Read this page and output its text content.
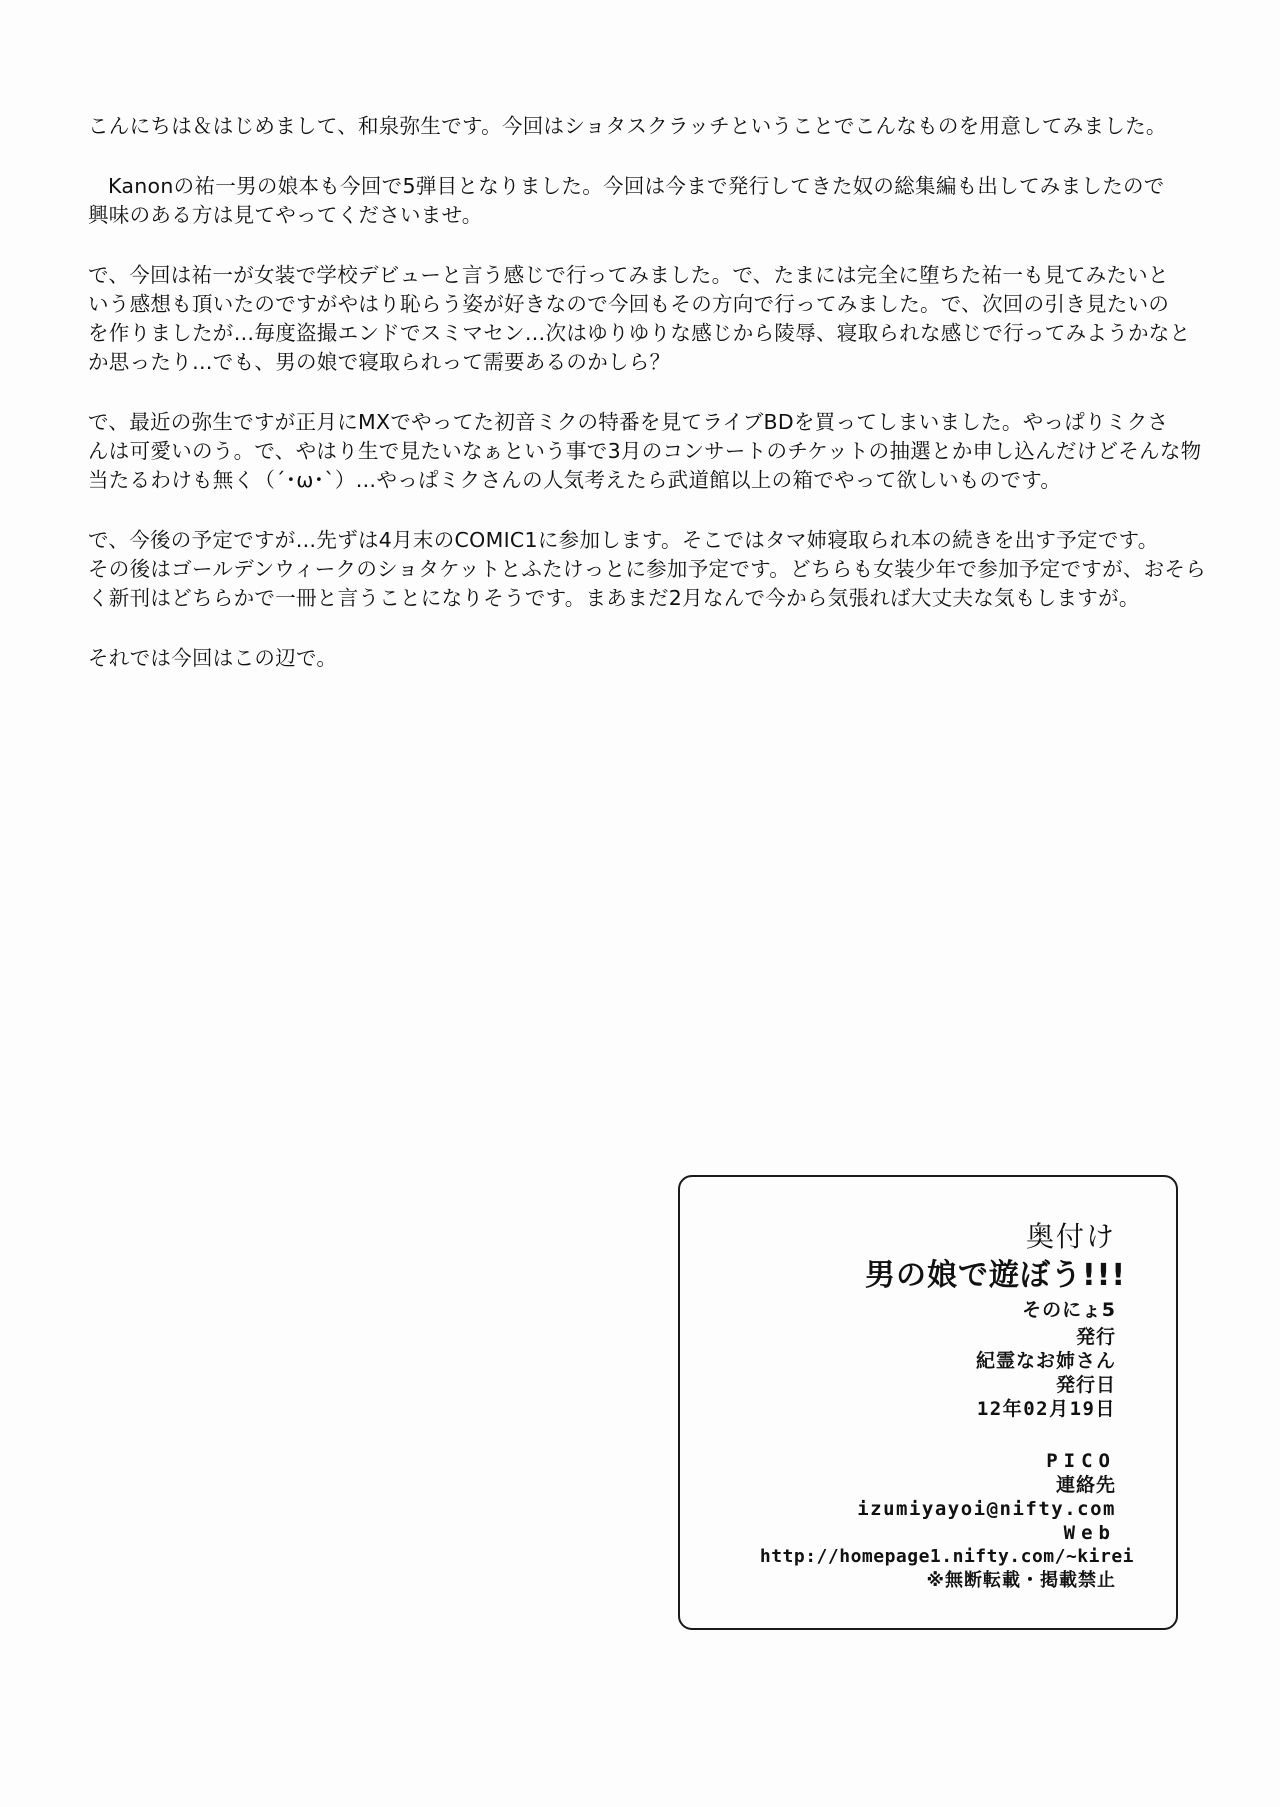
こんにちは＆はじめまして、和泉弥生です。今回はショタスクラッチということでこんなものを用意してみました。

Kanonの祐一男の娘本も今回で5弾目となりました。今回は今まで発行してきた奴の総集編も出してみましたので
興味のある方は見てやってくださいませ。

で、今回は祐一が女装で学校デビューと言う感じで行ってみました。で、たまには完全に堕ちた祐一も見てみたいと
いう感想も頂いたのですがやはり恥らう姿が好きなので今回もその方向で行ってみました。で、次回の引き見たいの
を作りましたが…毎度盗撮エンドでスミマセン…次はゆりゆりな感じから陵辱、寝取られな感じで行ってみようかなと
か思ったり…でも、男の娘で寝取られって需要あるのかしら？

で、最近の弥生ですが正月にMXでやってた初音ミクの特番を見てライブBDを買ってしまいました。やっぱりミクさ
んは可愛いのう。で、やはり生で見たいなぁという事で3月のコンサートのチケットの抽選とか申し込んだけどそんな物
当たるわけも無く（´･ω･`）…やっぱミクさんの人気考えたら武道館以上の箱でやって欲しいものです。

で、今後の予定ですが…先ずは4月末のCOMIC1に参加します。そこではタマ姉寝取られ本の続きを出す予定です。
その後はゴールデンウィークのショタケットとふたけっとに参加予定です。どちらも女装少年で参加予定ですが、おそら
く新刊はどちらかで一冊と言うことになりそうです。まあまだ2月なんで今から気張れば大丈夫な気もしますが。

それでは今回はこの辺で。

奥付け
男の娘で遊ぼう!!!
そのにょ5
発行
紀霊なお姉さん
発行日
12年02月19日
PICO
連絡先
izumiyayoi@nifty.com
Web
http://homepage1.nifty.com/~kirei
※無断転載・掲載禁止
